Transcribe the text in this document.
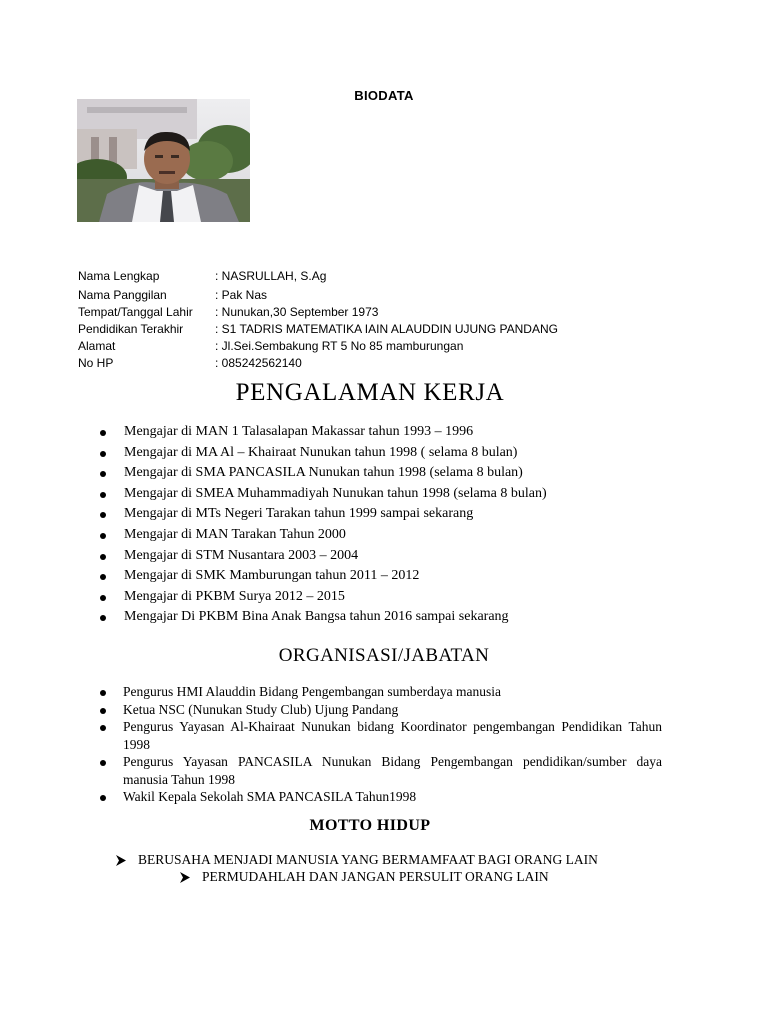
BIODATA
Nama Lengkap	: NASRULLAH, S.Ag
Nama Panggilan	: Pak Nas
Tempat/Tanggal Lahir : Nunukan,30 September 1973
Pendidikan Terakhir	: S1 TADRIS MATEMATIKA IAIN ALAUDDIN UJUNG PANDANG
Alamat	: Jl.Sei.Sembakung RT 5 No 85 mamburungan
No HP	: 085242562140
PENGALAMAN KERJA
Mengajar di MAN 1 Talasalapan Makassar tahun 1993 – 1996
Mengajar di MA Al – Khairaat Nunukan tahun 1998 ( selama 8 bulan)
Mengajar di SMA PANCASILA Nunukan tahun 1998 (selama 8 bulan)
Mengajar di SMEA Muhammadiyah Nunukan tahun 1998 (selama 8 bulan)
Mengajar di MTs Negeri Tarakan tahun 1999 sampai sekarang
Mengajar di MAN Tarakan Tahun 2000
Mengajar di STM Nusantara 2003 – 2004
Mengajar di SMK Mamburungan tahun 2011 – 2012
Mengajar di PKBM Surya 2012 – 2015
Mengajar Di PKBM Bina Anak Bangsa tahun 2016 sampai sekarang
ORGANISASI/JABATAN
Pengurus HMI Alauddin Bidang Pengembangan sumberdaya manusia
Ketua NSC (Nunukan Study Club) Ujung Pandang
Pengurus Yayasan Al-Khairaat Nunukan bidang Koordinator pengembangan Pendidikan Tahun 1998
Pengurus Yayasan PANCASILA Nunukan Bidang Pengembangan pendidikan/sumber daya manusia Tahun 1998
Wakil Kepala Sekolah SMA PANCASILA Tahun1998
MOTTO HIDUP
BERUSAHA MENJADI MANUSIA YANG BERMAMFAAT BAGI ORANG LAIN
PERMUDAHLAH DAN JANGAN PERSULIT ORANG LAIN
